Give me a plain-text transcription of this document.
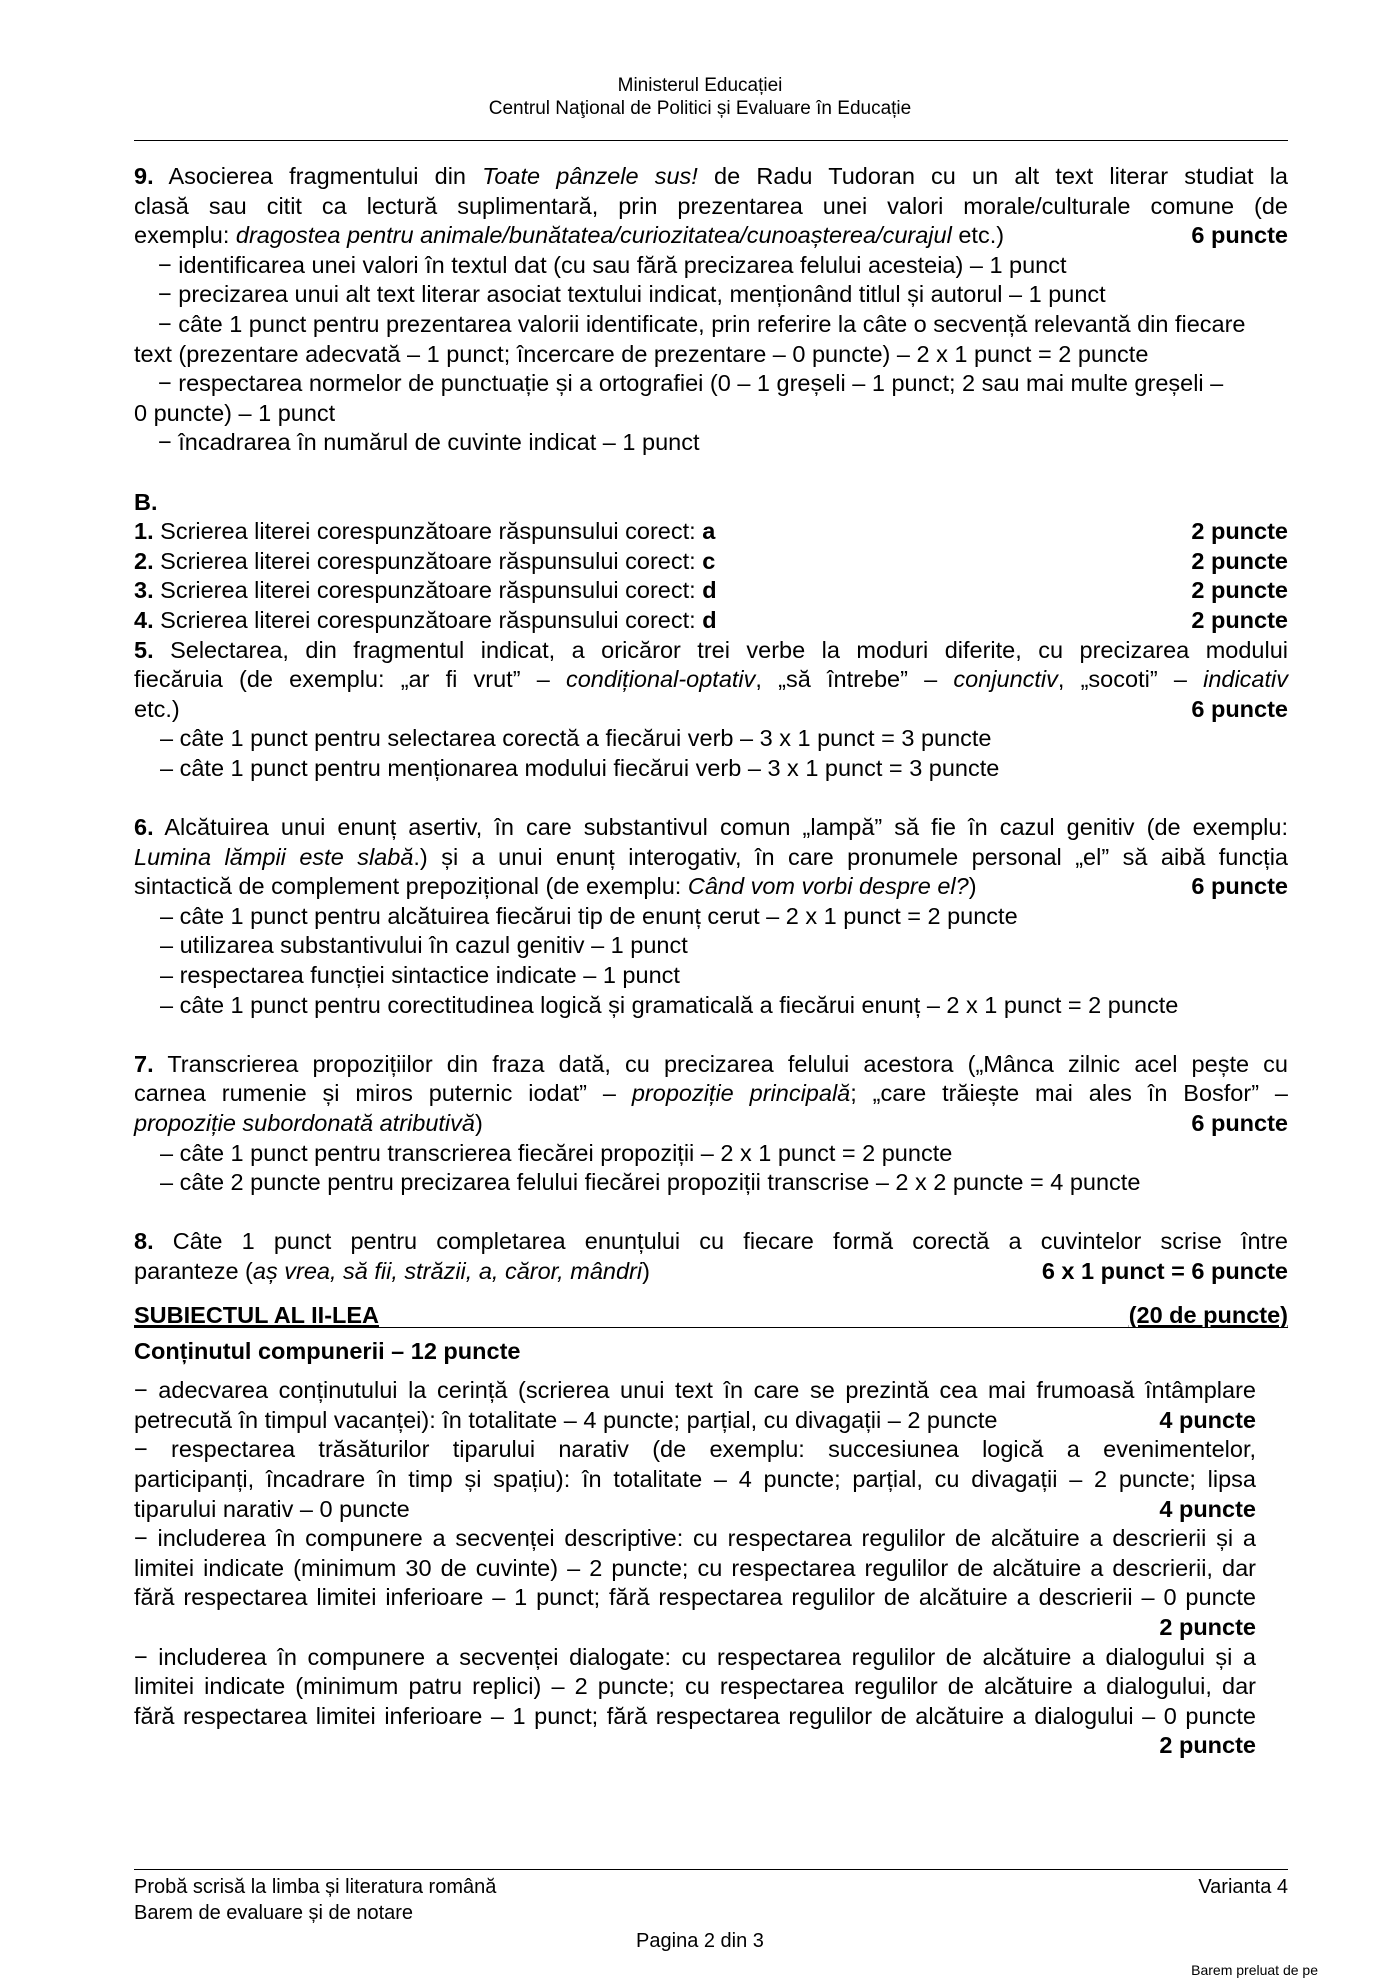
Ministerul Educației
Centrul Naţional de Politici și Evaluare în Educație
9. Asocierea fragmentului din Toate pânzele sus! de Radu Tudoran cu un alt text literar studiat la
clasă sau citit ca lectură suplimentară, prin prezentarea unei valori morale/culturale comune (de
exemplu: dragostea pentru animale/bunătatea/curiozitatea/cunoașterea/curajul etc.)	6 puncte
− identificarea unei valori în textul dat (cu sau fără precizarea felului acesteia) – 1 punct
− precizarea unui alt text literar asociat textului indicat, menționând titlul și autorul – 1 punct
− câte 1 punct pentru prezentarea valorii identificate, prin referire la câte o secvență relevantă din fiecare
text (prezentare adecvată – 1 punct; încercare de prezentare – 0 puncte) – 2 x 1 punct = 2 puncte
− respectarea normelor de punctuație și a ortografiei (0 – 1 greșeli – 1 punct; 2 sau mai multe greșeli –
0 puncte) – 1 punct
− încadrarea în numărul de cuvinte indicat – 1 punct
B.
1. Scrierea literei corespunzătoare răspunsului corect: a	2 puncte
2. Scrierea literei corespunzătoare răspunsului corect: c	2 puncte
3. Scrierea literei corespunzătoare răspunsului corect: d	2 puncte
4. Scrierea literei corespunzătoare răspunsului corect: d	2 puncte
5. Selectarea, din fragmentul indicat, a oricăror trei verbe la moduri diferite, cu precizarea modului
fiecăruia (de exemplu: „ar fi vrut” – condițional-optativ, „să întrebe” – conjunctiv, „socoti” – indicativ
etc.)	6 puncte
– câte 1 punct pentru selectarea corectă a fiecărui verb – 3 x 1 punct = 3 puncte
– câte 1 punct pentru menționarea modului fiecărui verb – 3 x 1 punct = 3 puncte
6. Alcătuirea unui enunț asertiv, în care substantivul comun „lampă” să fie în cazul genitiv (de exemplu:
Lumina lămpii este slabă.) și a unui enunț interogativ, în care pronumele personal „el” să aibă funcția
sintactică de complement prepozițional (de exemplu: Când vom vorbi despre el?)	6 puncte
– câte 1 punct pentru alcătuirea fiecărui tip de enunț cerut – 2 x 1 punct = 2 puncte
– utilizarea substantivului în cazul genitiv – 1 punct
– respectarea funcției sintactice indicate – 1 punct
– câte 1 punct pentru corectitudinea logică și gramaticală a fiecărui enunț – 2 x 1 punct = 2 puncte
7. Transcrierea propozițiilor din fraza dată, cu precizarea felului acestora („Mânca zilnic acel pește cu
carnea rumenie și miros puternic iodat” – propoziție principală; „care trăiește mai ales în Bosfor” –
propoziție subordonată atributivă)	6 puncte
– câte 1 punct pentru transcrierea fiecărei propoziții – 2 x 1 punct = 2 puncte
– câte 2 puncte pentru precizarea felului fiecărei propoziții transcrise – 2 x 2 puncte = 4 puncte
8. Câte 1 punct pentru completarea enunțului cu fiecare formă corectă a cuvintelor scrise între
paranteze (aș vrea, să fii, străzii, a, căror, mândri)	6 x 1 punct = 6 puncte
SUBIECTUL AL II-LEA	(20 de puncte)
Conținutul compunerii – 12 puncte
− adecvarea conținutului la cerință (scrierea unui text în care se prezintă cea mai frumoasă întâmplare
petrecută în timpul vacanței): în totalitate – 4 puncte; parțial, cu divagații – 2 puncte	4 puncte
− respectarea trăsăturilor tiparului narativ (de exemplu: succesiunea logică a evenimentelor,
participanți, încadrare în timp și spațiu): în totalitate – 4 puncte; parțial, cu divagații – 2 puncte; lipsa
tiparului narativ – 0 puncte	4 puncte
− includerea în compunere a secvenței descriptive: cu respectarea regulilor de alcătuire a descrierii și a
limitei indicate (minimum 30 de cuvinte) – 2 puncte; cu respectarea regulilor de alcătuire a descrierii, dar
fără respectarea limitei inferioare – 1 punct; fără respectarea regulilor de alcătuire a descrierii – 0 puncte
2 puncte
− includerea în compunere a secvenței dialogate: cu respectarea regulilor de alcătuire a dialogului și a
limitei indicate (minimum patru replici) – 2 puncte; cu respectarea regulilor de alcătuire a dialogului, dar
fără respectarea limitei inferioare – 1 punct; fără respectarea regulilor de alcătuire a dialogului – 0 puncte
2 puncte
Probă scrisă la limba și literatura română
Barem de evaluare și de notare
Varianta 4
Pagina 2 din 3
Barem preluat de pe
